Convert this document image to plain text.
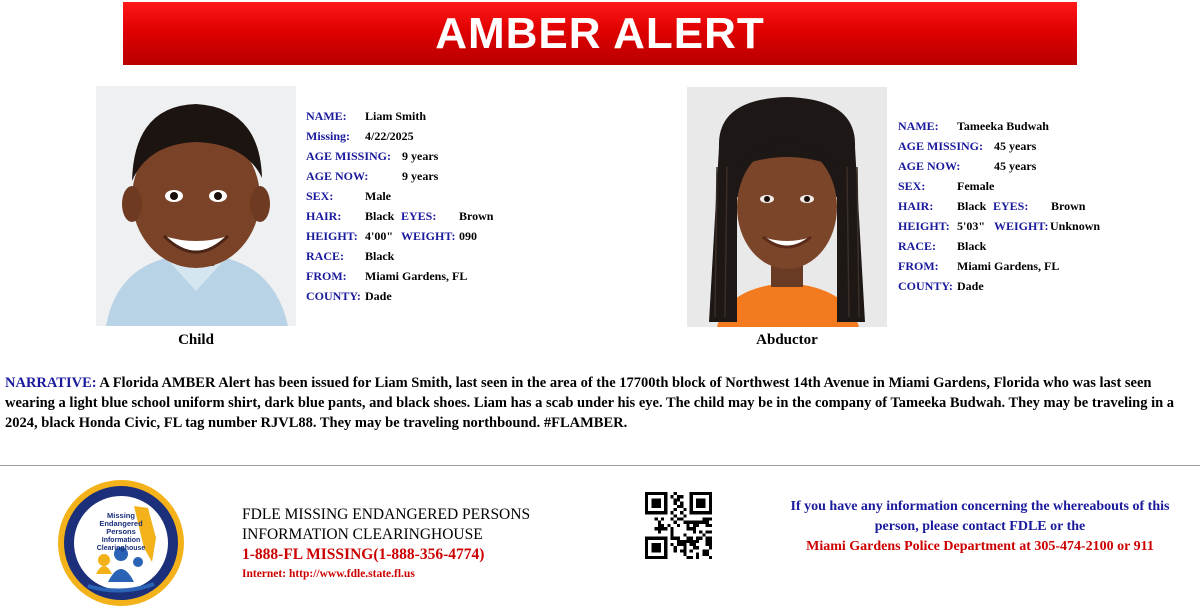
AMBER ALERT
Child
NAME: Liam Smith
Missing: 4/22/2025
AGE MISSING: 9 years
AGE NOW:	9 years
SEX:	Male
HAIR: Black EYES: Brown
HEIGHT: 4'00" WEIGHT: 090
RACE: Black
FROM: Miami Gardens, FL
COUNTY: Dade
Abductor
NAME: Tameeka Budwah
AGE MISSING: 45 years
AGE NOW:	45 years
SEX:	Female
HAIR: Black EYES: Brown
HEIGHT: 5'03" WEIGHT: Unknown
RACE: Black
FROM: Miami Gardens, FL
COUNTY: Dade
NARRATIVE: A Florida AMBER Alert has been issued for Liam Smith, last seen in the area of the 17700th block of Northwest 14th Avenue in Miami Gardens, Florida who was last seen wearing a light blue school uniform shirt, dark blue pants, and black shoes. Liam has a scab under his eye. The child may be in the company of Tameeka Budwah. They may be traveling in a 2024, black Honda Civic, FL tag number RJVL88. They may be traveling northbound. #FLAMBER.
Missing
Endangered
Persons
Information
Clearinghouse
FDLE MISSING ENDANGERED PERSONS
INFORMATION CLEARINGHOUSE
1-888-FL MISSING(1-888-356-4774)
Internet: http://www.fdle.state.fl.us
If you have any information concerning the whereabouts of this
person, please contact FDLE or the
Miami Gardens Police Department at 305-474-2100 or 911
